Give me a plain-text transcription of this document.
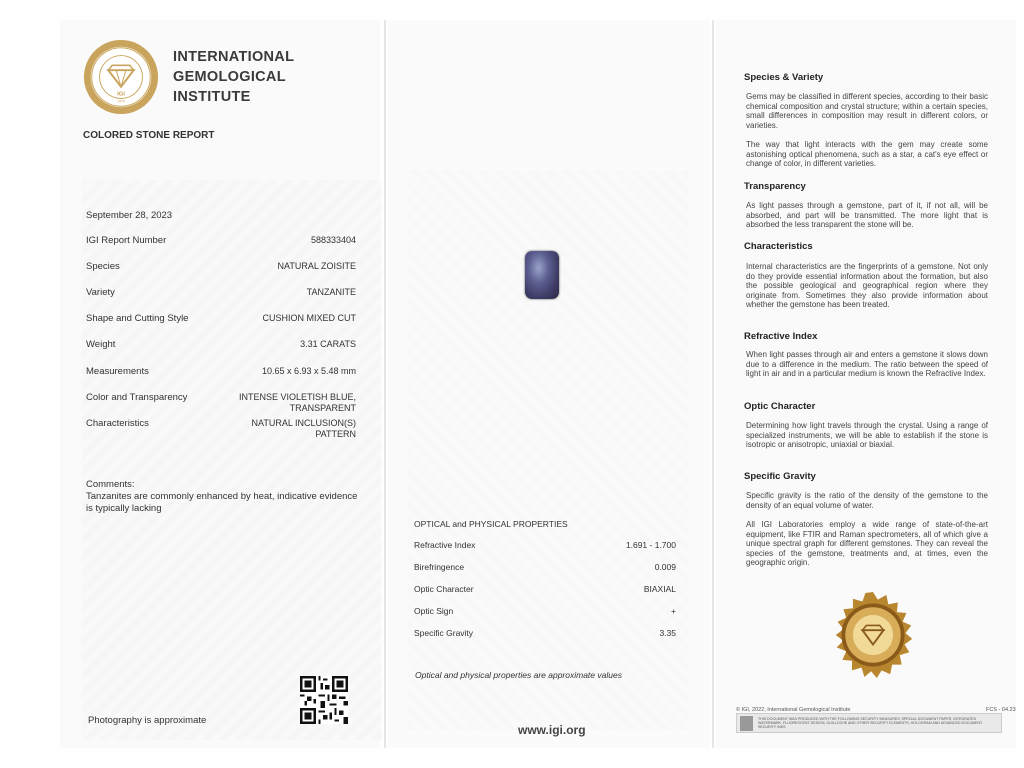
IGI
1975
INTERNATIONAL
GEMOLOGICAL
INSTITUTE
COLORED STONE REPORT
September 28, 2023
IGI Report Number	588333404
Species	NATURAL ZOISITE
Variety	TANZANITE
Shape and Cutting Style	CUSHION MIXED CUT
Weight	3.31 CARATS
Measurements	10.65 x 6.93 x 5.48 mm
Color and Transparency	INTENSE VIOLETISH BLUE, TRANSPARENT
Characteristics	NATURAL INCLUSION(S) PATTERN
Comments:
Tanzanites are commonly enhanced by heat, indicative evidence is typically lacking
Photography is approximate
OPTICAL and PHYSICAL PROPERTIES
Refractive Index	1.691 - 1.700
Birefringence	0.009
Optic Character	BIAXIAL
Optic Sign	+
Specific Gravity	3.35
Optical and physical properties are approximate values
www.igi.org
Species & Variety
Gems may be classified in different species, according to their basic chemical composition and crystal structure; within a certain species, small differences in composition may result in different colors, or varieties.
The way that light interacts with the gem may create some astonishing optical phenomena, such as a star, a cat's eye effect or change of color, in different varieties.
Transparency
As light passes through a gemstone, part of it, if not all, will be absorbed, and part will be transmitted. The more light that is absorbed the less transparent the stone will be.
Characteristics
Internal characteristics are the fingerprints of a gemstone. Not only do they provide essential information about the formation, but also the possible geological and geographical region where they originate from. Sometimes they also provide information about whether the gemstone has been treated.
Refractive Index
When light passes through air and enters a gemstone it slows down due to a difference in the medium. The ratio between the speed of light in air and in a particular medium is known the Refractive Index.
Optic Character
Determining how light travels through the crystal. Using a range of specialized instruments, we will be able to establish if the stone is isotropic or anisotropic, uniaxial or biaxial.
Specific Gravity
Specific gravity is the ratio of the density of the gemstone to the density of an equal volume of water.
All IGI Laboratories employ a wide range of state-of-the-art equipment, like FTIR and Raman spectrometers, all of which give a unique spectral graph for different gemstones. They can reveal the species of the gemstone, treatments and, at times, even the geographic origin.
© IGI, 2022, International Gemological Institute	FCS - 04.23
THIS DOCUMENT WAS PRODUCED WITH THE FOLLOWING SECURITY MEASURES: SPECIAL DOCUMENT PAPER, INTEGRATED WATERMARK, FLUORESCENT DESIGN, GUILLOCHE AND OTHER SECURITY ELEMENTS, HOLOGRAM AND ADVANCED DOCUMENT SECURITY INKS
